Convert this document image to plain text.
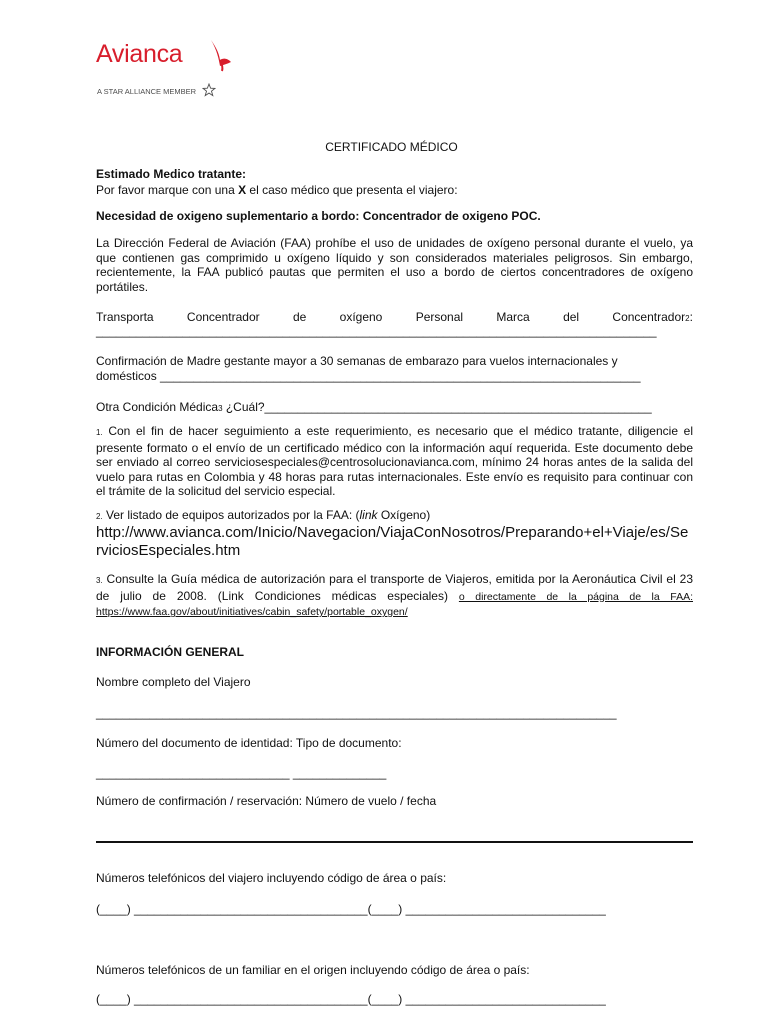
Avianca
A STAR ALLIANCE MEMBER
CERTIFICADO MÉDICO
Estimado Medico tratante:
Por favor marque con una X el caso médico que presenta el viajero:
Necesidad de oxigeno suplementario a bordo: Concentrador de oxigeno POC.
La Dirección Federal de Aviación (FAA) prohíbe el uso de unidades de oxígeno personal durante el vuelo, ya que contienen gas comprimido u oxígeno líquido y son considerados materiales peligrosos. Sin embargo, recientemente, la FAA publicó pautas que permiten el uso a bordo de ciertos concentradores de oxígeno portátiles.
Transporta	Concentrador	de	oxígeno	Personal	Marca	del	Concentrador2:
____________________________________________________________________________________
Confirmación de Madre gestante mayor a 30 semanas de embarazo para vuelos internacionales y
domésticos ________________________________________________________________________
Otra Condición Médica3 ¿Cuál?__________________________________________________________
1. Con el fin de hacer seguimiento a este requerimiento, es necesario que el médico tratante, diligencie el presente formato o el envío de un certificado médico con la información aquí requerida. Este documento debe ser enviado al correo serviciosespeciales@centrosolucionavianca.com, mínimo 24 horas antes de la salida del vuelo para rutas en Colombia y 48 horas para rutas internacionales. Este envío es requisito para continuar con el trámite de la solicitud del servicio especial.
2. Ver listado de equipos autorizados por la FAA: (link Oxígeno)
http://www.avianca.com/Inicio/Navegacion/ViajaConNosotros/Preparando+el+Viaje/es/Se
rviciosEspeciales.htm
3. Consulte la Guía médica de autorización para el transporte de Viajeros, emitida por la Aeronáutica Civil el 23 de julio de 2008. (Link Condiciones médicas especiales) o directamente de la página de la FAA: https://www.faa.gov/about/initiatives/cabin_safety/portable_oxygen/
INFORMACIÓN GENERAL
Nombre completo del Viajero
______________________________________________________________________________
Número del documento de identidad: Tipo de documento:
_____________________________ ______________
Número de confirmación / reservación: Número de vuelo / fecha
Números telefónicos del viajero incluyendo código de área o país:
(____) ___________________________________(____) ______________________________
Números telefónicos de un familiar en el origen incluyendo código de área o país:
(____) ___________________________________(____) ______________________________
